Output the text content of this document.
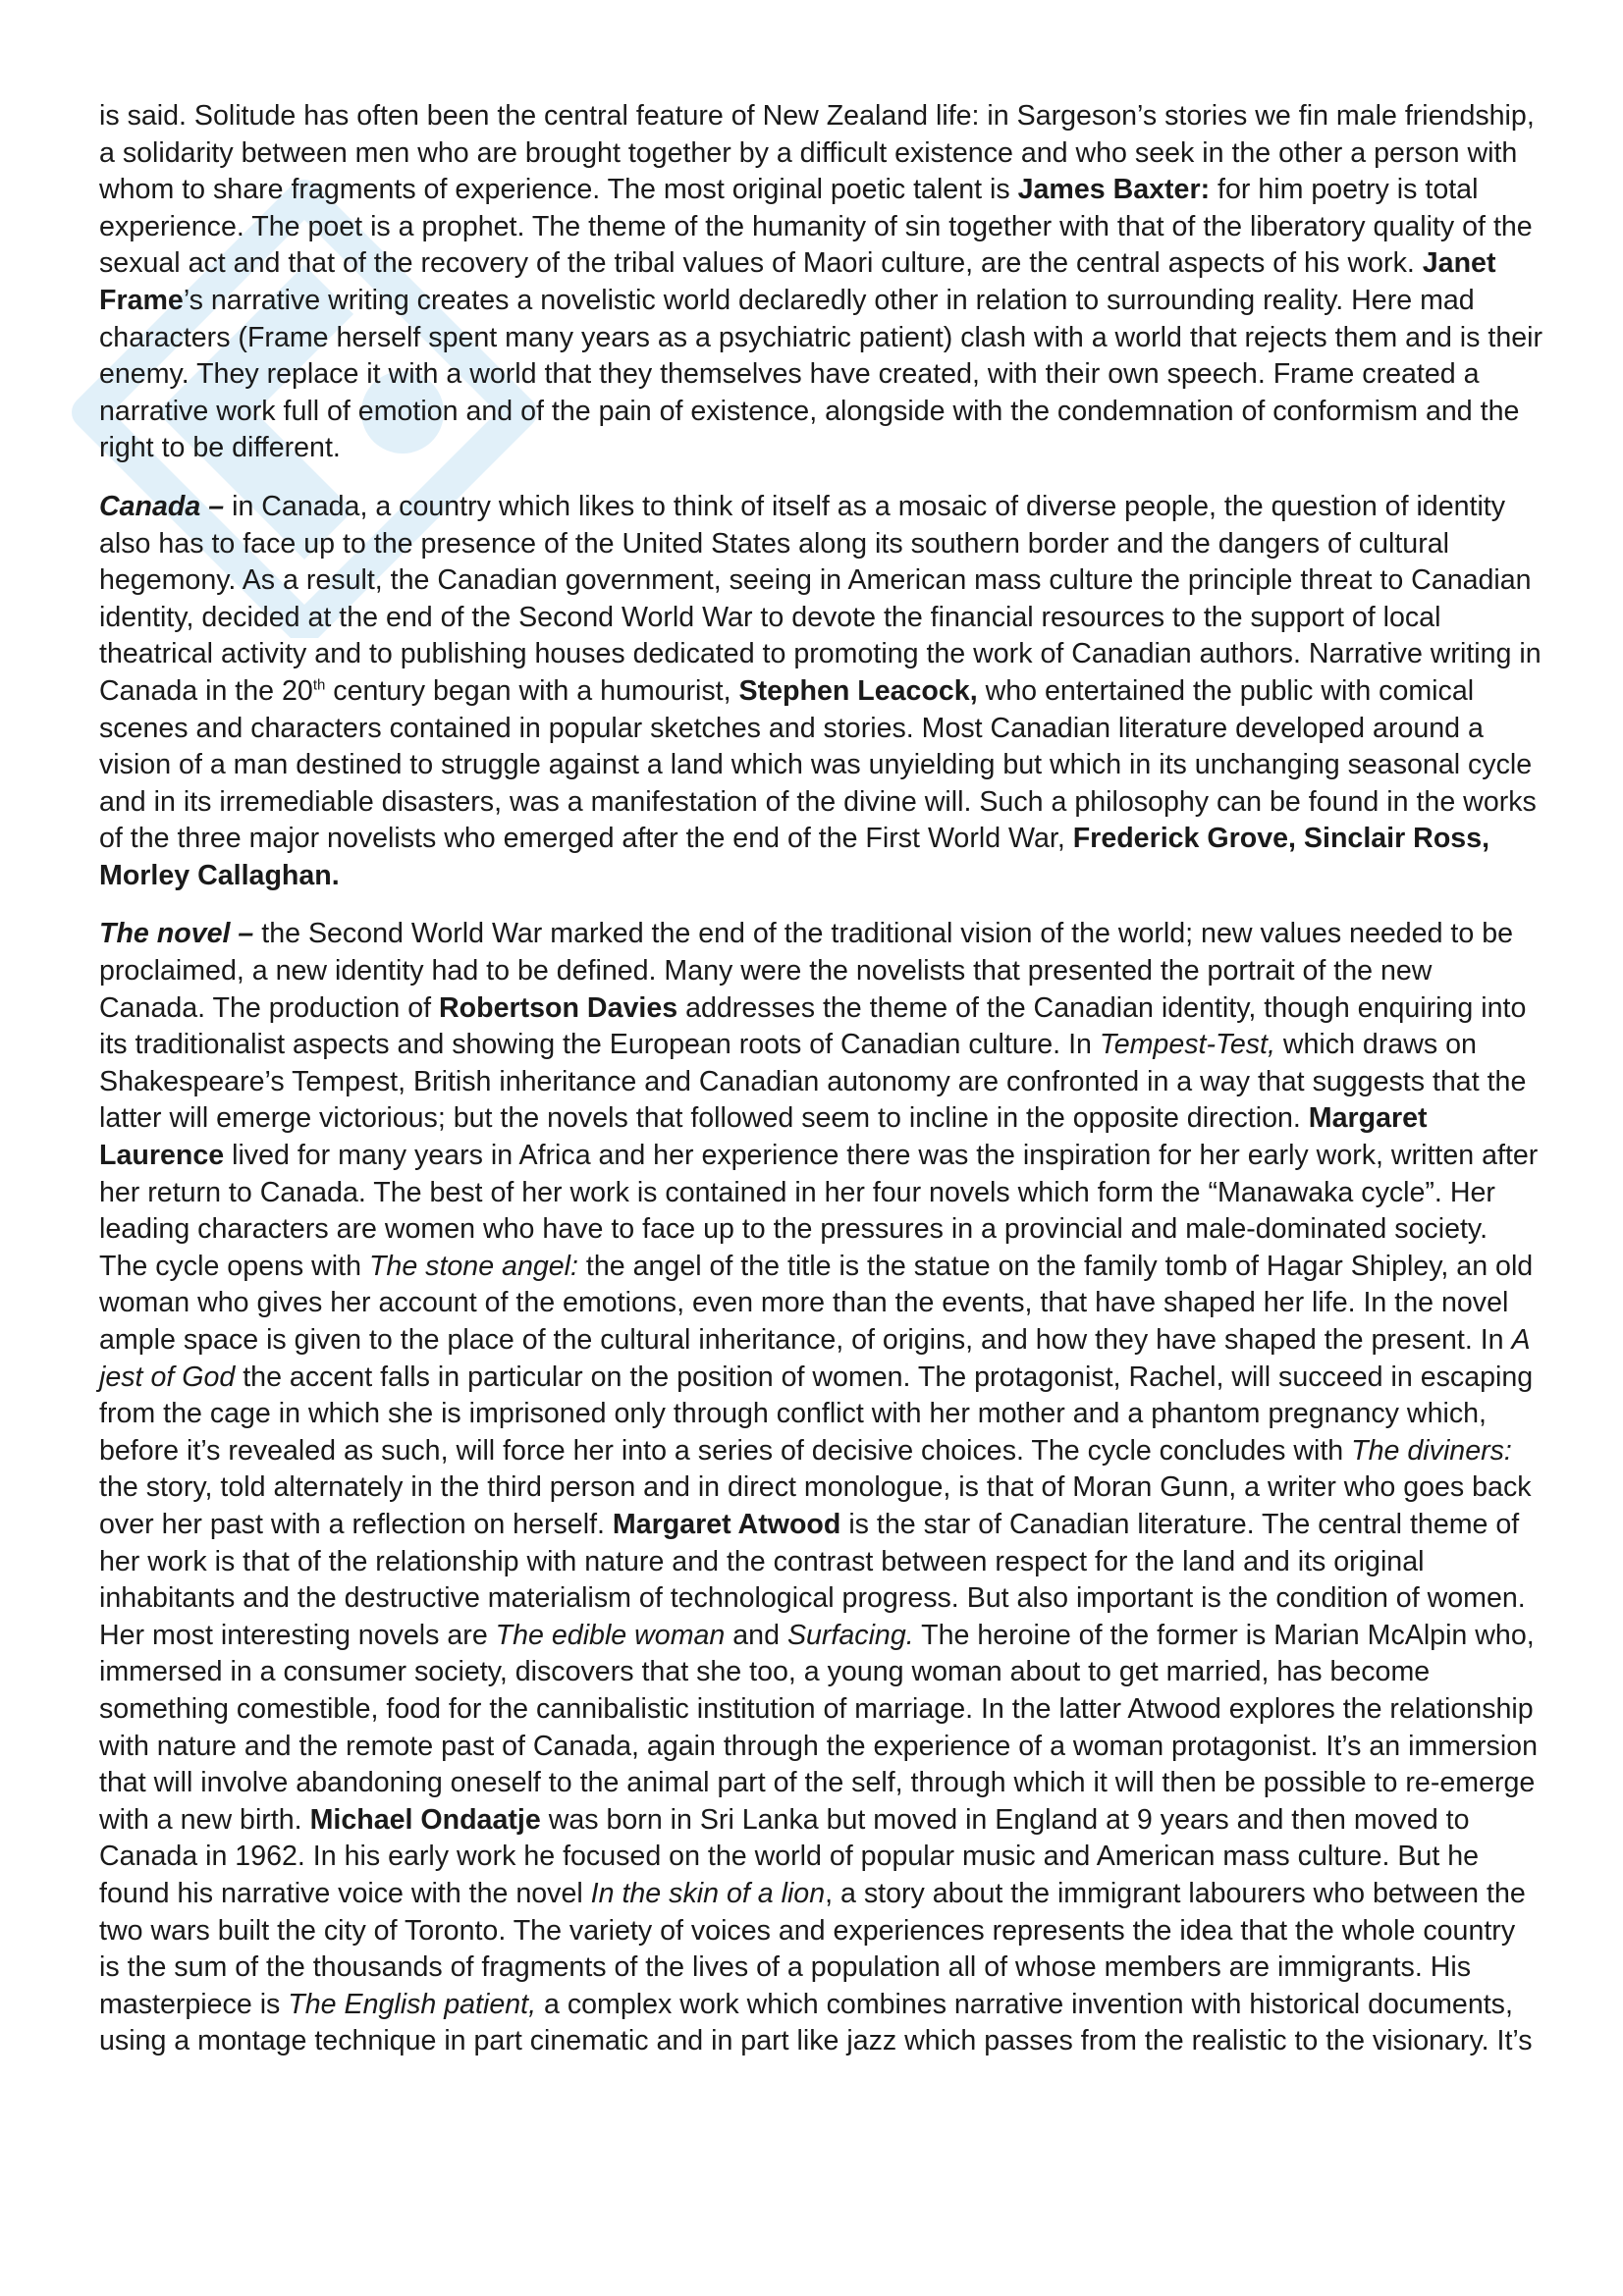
is said. Solitude has often been the central feature of New Zealand life: in Sargeson’s stories we fin male friendship, a solidarity between men who are brought together by a difficult existence and who seek in the other a person with whom to share fragments of experience. The most original poetic talent is James Baxter: for him poetry is total experience. The poet is a prophet. The theme of the humanity of sin together with that of the liberatory quality of the sexual act and that of the recovery of the tribal values of Maori culture, are the central aspects of his work. Janet Frame’s narrative writing creates a novelistic world declaredly other in relation to surrounding reality. Here mad characters (Frame herself spent many years as a psychiatric patient) clash with a world that rejects them and is their enemy. They replace it with a world that they themselves have created, with their own speech. Frame created a narrative work full of emotion and of the pain of existence, alongside with the condemnation of conformism and the right to be different.

Canada – in Canada, a country which likes to think of itself as a mosaic of diverse people, the question of identity also has to face up to the presence of the United States along its southern border and the dangers of cultural hegemony. As a result, the Canadian government, seeing in American mass culture the principle threat to Canadian identity, decided at the end of the Second World War to devote the financial resources to the support of local theatrical activity and to publishing houses dedicated to promoting the work of Canadian authors. Narrative writing in Canada in the 20th century began with a humourist, Stephen Leacock, who entertained the public with comical scenes and characters contained in popular sketches and stories. Most Canadian literature developed around a vision of a man destined to struggle against a land which was unyielding but which in its unchanging seasonal cycle and in its irremediable disasters, was a manifestation of the divine will. Such a philosophy can be found in the works of the three major novelists who emerged after the end of the First World War, Frederick Grove, Sinclair Ross, Morley Callaghan.

The novel – the Second World War marked the end of the traditional vision of the world; new values needed to be proclaimed, a new identity had to be defined. Many were the novelists that presented the portrait of the new Canada. The production of Robertson Davies addresses the theme of the Canadian identity, though enquiring into its traditionalist aspects and showing the European roots of Canadian culture. In Tempest-Test, which draws on Shakespeare’s Tempest, British inheritance and Canadian autonomy are confronted in a way that suggests that the latter will emerge victorious; but the novels that followed seem to incline in the opposite direction. Margaret Laurence lived for many years in Africa and her experience there was the inspiration for her early work, written after her return to Canada. The best of her work is contained in her four novels which form the “Manawaka cycle”. Her leading characters are women who have to face up to the pressures in a provincial and male-dominated society. The cycle opens with The stone angel: the angel of the title is the statue on the family tomb of Hagar Shipley, an old woman who gives her account of the emotions, even more than the events, that have shaped her life. In the novel ample space is given to the place of the cultural inheritance, of origins, and how they have shaped the present. In A jest of God the accent falls in particular on the position of women. The protagonist, Rachel, will succeed in escaping from the cage in which she is imprisoned only through conflict with her mother and a phantom pregnancy which, before it’s revealed as such, will force her into a series of decisive choices. The cycle concludes with The diviners: the story, told alternately in the third person and in direct monologue, is that of Moran Gunn, a writer who goes back over her past with a reflection on herself. Margaret Atwood is the star of Canadian literature. The central theme of her work is that of the relationship with nature and the contrast between respect for the land and its original inhabitants and the destructive materialism of technological progress. But also important is the condition of women. Her most interesting novels are The edible woman and Surfacing. The heroine of the former is Marian McAlpin who, immersed in a consumer society, discovers that she too, a young woman about to get married, has become something comestible, food for the cannibalistic institution of marriage. In the latter Atwood explores the relationship with nature and the remote past of Canada, again through the experience of a woman protagonist. It’s an immersion that will involve abandoning oneself to the animal part of the self, through which it will then be possible to re-emerge with a new birth. Michael Ondaatje was born in Sri Lanka but moved in England at 9 years and then moved to Canada in 1962. In his early work he focused on the world of popular music and American mass culture. But he found his narrative voice with the novel In the skin of a lion, a story about the immigrant labourers who between the two wars built the city of Toronto. The variety of voices and experiences represents the idea that the whole country is the sum of the thousands of fragments of the lives of a population all of whose members are immigrants. His masterpiece is The English patient, a complex work which combines narrative invention with historical documents, using a montage technique in part cinematic and in part like jazz which passes from the realistic to the visionary. It’s
